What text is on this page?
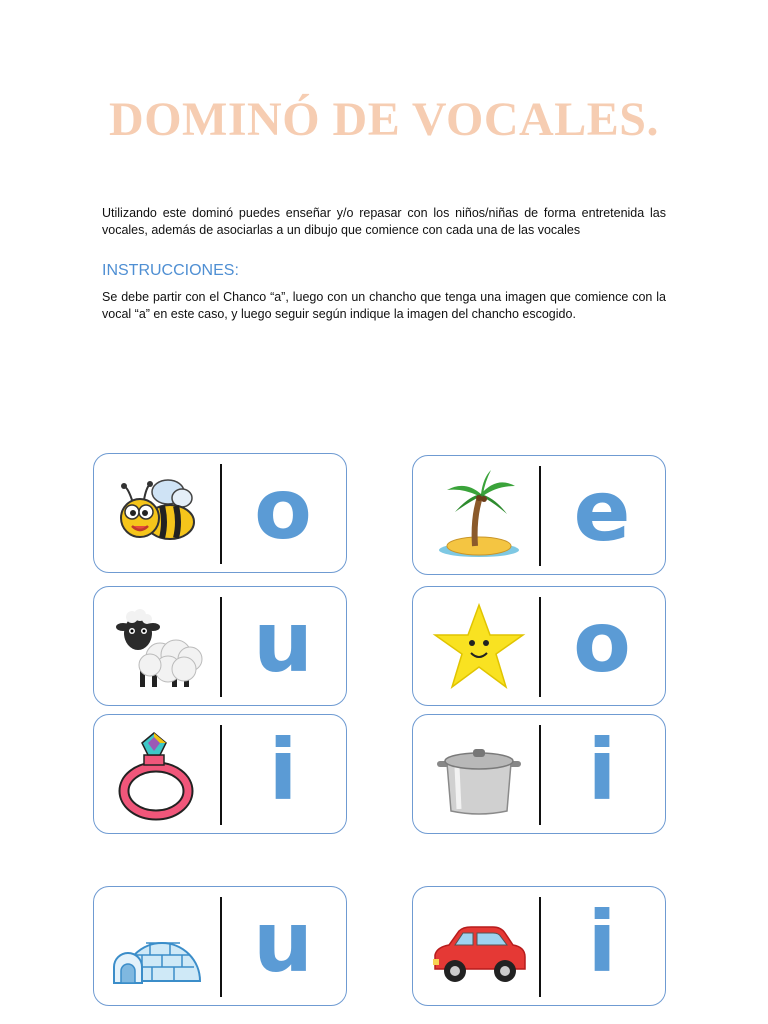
DOMINÓ DE VOCALES.
Utilizando este dominó puedes enseñar y/o repasar con los niños/niñas de forma entretenida las vocales, además de asociarlas a un dibujo que comience con cada una de las vocales
INSTRUCCIONES:
Se debe partir con el Chanco “a”, luego con un chancho que tenga una imagen que comience con la vocal “a” en este caso, y luego seguir según indique la imagen del chancho escogido.
o	e
u	o
i	i
u	i
